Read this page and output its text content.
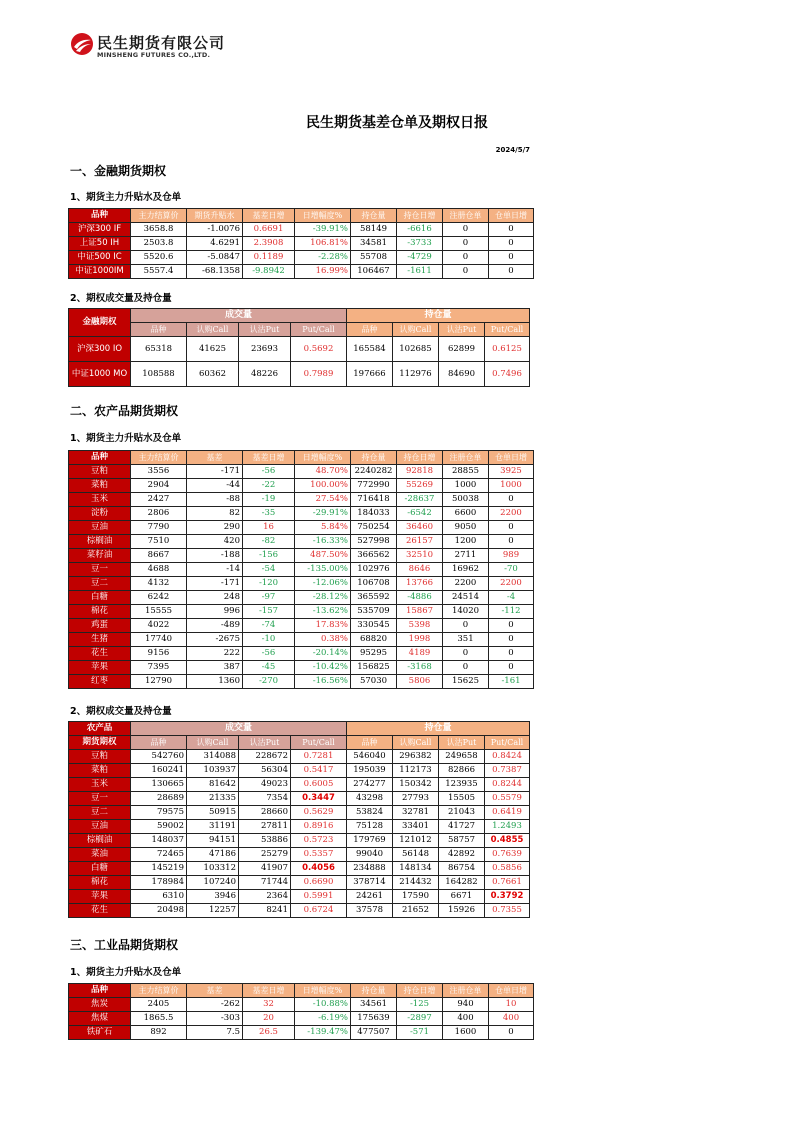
民生期货有限公司
MINSHENG FUTURES CO.,LTD.
民生期货基差仓单及期权日报
2024/5/7
一、金融期货期权
1、期货主力升贴水及仓单
品种	主力结算价	期货升贴水	基差日增	日增幅度%	持仓量	持仓日增	注册仓单	仓单日增
沪深300 IF	3658.8	-1.0076	0.6691	-39.91%	58149	-6616	0	0
上证50 IH	2503.8	4.6291	2.3908	106.81%	34581	-3733	0	0
中证500 IC	5520.6	-5.0847	0.1189	-2.28%	55708	-4729	0	0
中证1000IM	5557.4	-68.1358	-9.8942	16.99%	106467	-1611	0	0
2、期权成交量及持仓量
金融期权	成交量				持仓量			
	品种	认购Call	认沽Put	Put/Call	品种	认购Call	认沽Put	Put/Call
沪深300 IO	65318	41625	23693	0.5692	165584	102685	62899	0.6125
中证1000 MO	108588	60362	48226	0.7989	197666	112976	84690	0.7496
二、农产品期货期权
1、期货主力升贴水及仓单
品种	主力结算价	基差	基差日增	日增幅度%	持仓量	持仓日增	注册仓单	仓单日增
豆粕	3556	-171	-56	48.70%	2240282	92818	28855	3925
菜粕	2904	-44	-22	100.00%	772990	55269	1000	1000
玉米	2427	-88	-19	27.54%	716418	-28637	50038	0
淀粉	2806	82	-35	-29.91%	184033	-6542	6600	2200
豆油	7790	290	16	5.84%	750254	36460	9050	0
棕榈油	7510	420	-82	-16.33%	527998	26157	1200	0
菜籽油	8667	-188	-156	487.50%	366562	32510	2711	989
豆一	4688	-14	-54	-135.00%	102976	8646	16962	-70
豆二	4132	-171	-120	-12.06%	106708	13766	2200	2200
白糖	6242	248	-97	-28.12%	365592	-4886	24514	-4
棉花	15555	996	-157	-13.62%	535709	15867	14020	-112
鸡蛋	4022	-489	-74	17.83%	330545	5398	0	0
生猪	17740	-2675	-10	0.38%	68820	1998	351	0
花生	9156	222	-56	-20.14%	95295	4189	0	0
苹果	7395	387	-45	-10.42%	156825	-3168	0	0
红枣	12790	1360	-270	-16.56%	57030	5806	15625	-161
2、期权成交量及持仓量
农产品	成交量				持仓量			
期货期权								
	品种	认购Call	认沽Put	Put/Call	品种	认购Call	认沽Put	Put/Call
豆粕	542760	314088	228672	0.7281	546040	296382	249658	0.8424
菜粕	160241	103937	56304	0.5417	195039	112173	82866	0.7387
玉米	130665	81642	49023	0.6005	274277	150342	123935	0.8244
豆一	28689	21335	7354	0.3447	43298	27793	15505	0.5579
豆二	79575	50915	28660	0.5629	53824	32781	21043	0.6419
豆油	59002	31191	27811	0.8916	75128	33401	41727	1.2493
棕榈油	148037	94151	53886	0.5723	179769	121012	58757	0.4855
菜油	72465	47186	25279	0.5357	99040	56148	42892	0.7639
白糖	145219	103312	41907	0.4056	234888	148134	86754	0.5856
棉花	178984	107240	71744	0.6690	378714	214432	164282	0.7661
苹果	6310	3946	2364	0.5991	24261	17590	6671	0.3792
花生	20498	12257	8241	0.6724	37578	21652	15926	0.7355
三、工业品期货期权
1、期货主力升贴水及仓单
品种	主力结算价	基差	基差日增	日增幅度%	持仓量	持仓日增	注册仓单	仓单日增
焦炭	2405	-262	32	-10.88%	34561	-125	940	10
焦煤	1865.5	-303	20	-6.19%	175639	-2897	400	400
铁矿石	892	7.5	26.5	-139.47%	477507	-571	1600	0
